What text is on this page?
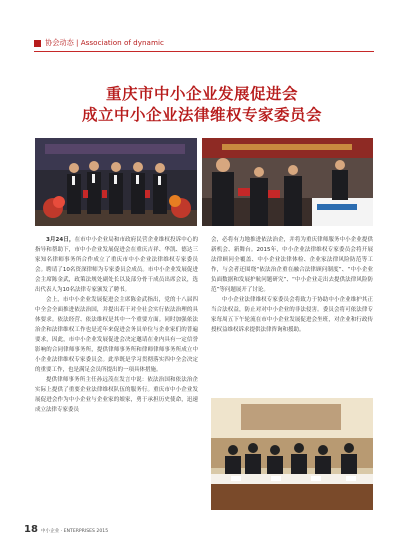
协会动态 | Association of dynamic
重庆市中小企业发展促进会
成立中小企业法律维权专家委员会

3月24日，在市中小企业局和市政府民营企业维权投诉中心的指导和帮助下，市中小企业发展促进会在重庆吉祥、华凯、德达三家知名律师事务所合作成立了重庆市中小企业法律维权专家委员会。聘请了10名资深律师为专家委员会成员。市中小企业发展促进会主席陈金武，政策法规处副处长以及部分骨干成员出席会议，选出代表人为10名法律专家颁发了聘书。

会上，市中小企业发展促进会主席陈金武指出，党的十八届四中全会全面推进依法治国，并提出若干对全社会实行依法治理的具体要求。依法经营、依法维权是其中一个重要方面。同时加强依法治企和法律维权工作也是近年来促进会务员单位与企业家们的普遍要求，因此，市中小企业发展促进会决定邀请在业内具有一定信誉影响的合同律师事务所，提供律师事务所和律师律师事务所成立中小企业法律维权专家委员会。此举既是学习贯彻落实四中全会决定的重要工作，也是满足会员所提出的一项具体措施。

提供律师事务所主任孙远茂在发言中说：依法治国和依法治企实际上提供了重要企业法律维权队伍的服务行。重庆市中小企业发展促进会作为中小企业与企业家的娘家，勇于承担历史使命，迅速成立法律专家委员

会，必将有力地推进依法治企，并将为重庆律师服务中小企业提供新机会、新舞台。2015年，中小企业法律维权专家委员会将开展法律顾问全覆盖、中小企业法律体检、企业家法律风险防范等工作，与会者还围绕“依法治企重在融合法律顾问制度”、“中小企业负面数据和发展护航问题研究”、“中小企业走出去提供法律风险防范”等问题展开了讨论。

中小企业法律维权专家委员会将致力于协助中小企业维护其正当合法权益，防止对对中小企业的非法侵害。委员会将可依法律专家每周五下午轮流在市中小企业发展促进会坐班，对企业和行政传授权益维权诉求提供法律咨询和援助。

18 中小企业 · ENTERPRISES 2015
